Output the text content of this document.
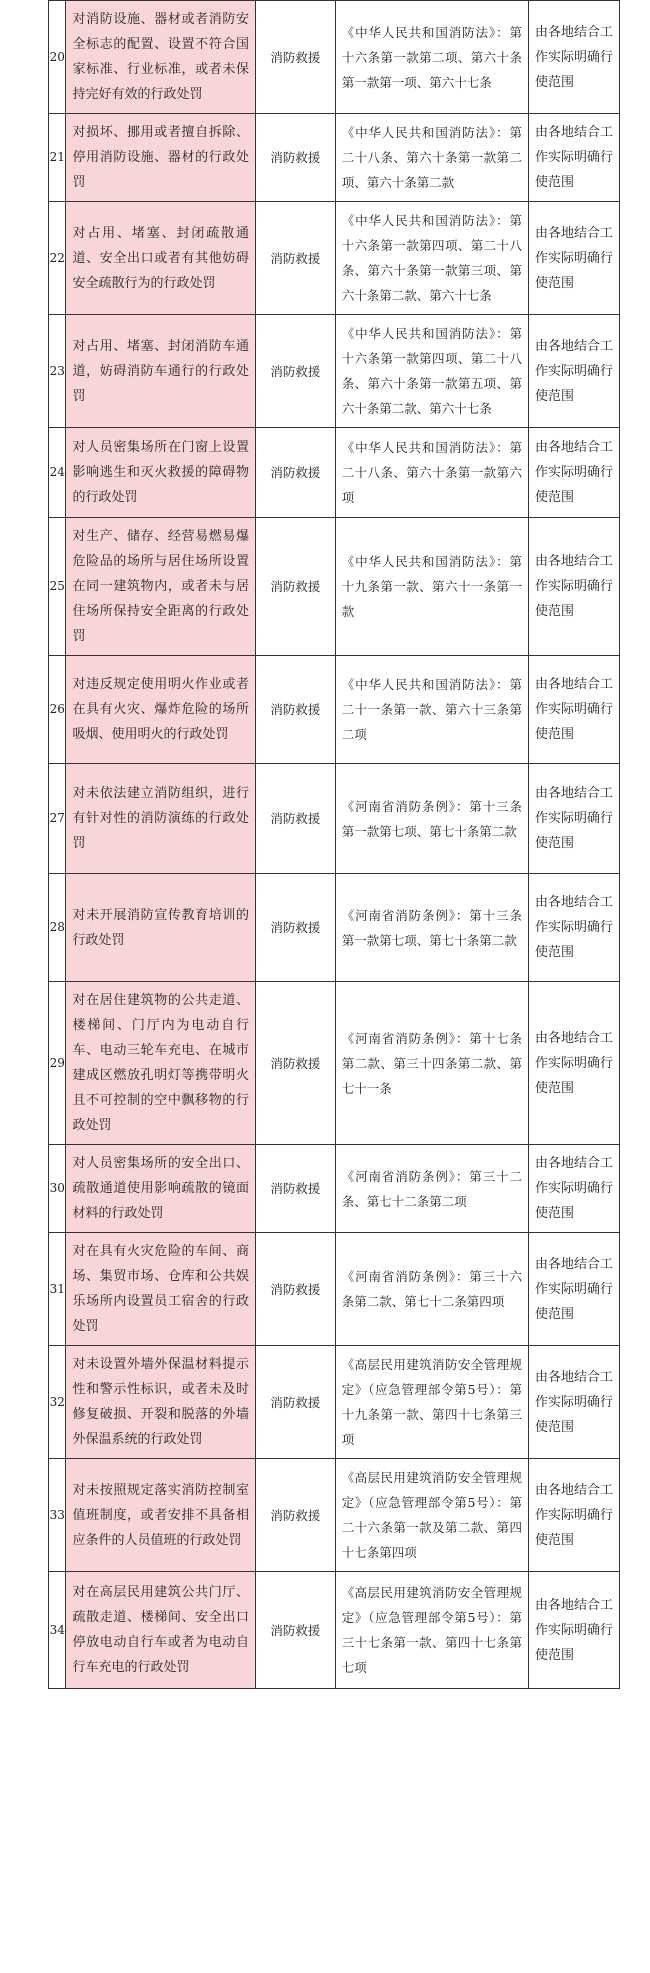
20	对消防设施、器材或者消防安全标志的配置、设置不符合国家标准、行业标准，或者未保持完好有效的行政处罚	消防救援	《中华人民共和国消防法》：第十六条第一款第二项、第六十条第一款第一项、第六十七条	由各地结合工作实际明确行使范围
21	对损坏、挪用或者擅自拆除、停用消防设施、器材的行政处罚	消防救援	《中华人民共和国消防法》：第二十八条、第六十条第一款第二项、第六十条第二款	由各地结合工作实际明确行使范围
22	对占用、堵塞、封闭疏散通道、安全出口或者有其他妨碍安全疏散行为的行政处罚	消防救援	《中华人民共和国消防法》：第十六条第一款第四项、第二十八条、第六十条第一款第三项、第六十条第二款、第六十七条	由各地结合工作实际明确行使范围
23	对占用、堵塞、封闭消防车通道，妨碍消防车通行的行政处罚	消防救援	《中华人民共和国消防法》：第十六条第一款第四项、第二十八条、第六十条第一款第五项、第六十条第二款、第六十七条	由各地结合工作实际明确行使范围
24	对人员密集场所在门窗上设置影响逃生和灭火救援的障碍物的行政处罚	消防救援	《中华人民共和国消防法》：第二十八条、第六十条第一款第六项	由各地结合工作实际明确行使范围
25	对生产、储存、经营易燃易爆危险品的场所与居住场所设置在同一建筑物内，或者未与居住场所保持安全距离的行政处罚	消防救援	《中华人民共和国消防法》：第十九条第一款、第六十一条第一款	由各地结合工作实际明确行使范围
26	对违反规定使用明火作业或者在具有火灾、爆炸危险的场所吸烟、使用明火的行政处罚	消防救援	《中华人民共和国消防法》：第二十一条第一款、第六十三条第二项	由各地结合工作实际明确行使范围
27	对未依法建立消防组织，进行有针对性的消防演练的行政处罚	消防救援	《河南省消防条例》：第十三条第一款第七项、第七十条第二款	由各地结合工作实际明确行使范围
28	对未开展消防宣传教育培训的行政处罚	消防救援	《河南省消防条例》：第十三条第一款第七项、第七十条第二款	由各地结合工作实际明确行使范围
29	对在居住建筑物的公共走道、楼梯间、门厅内为电动自行车、电动三轮车充电、在城市建成区燃放孔明灯等携带明火且不可控制的空中飘移物的行政处罚	消防救援	《河南省消防条例》：第十七条第二款、第三十四条第二款、第七十一条	由各地结合工作实际明确行使范围
30	对人员密集场所的安全出口、疏散通道使用影响疏散的镜面材料的行政处罚	消防救援	《河南省消防条例》：第三十二条、第七十二条第二项	由各地结合工作实际明确行使范围
31	对在具有火灾危险的车间、商场、集贸市场、仓库和公共娱乐场所内设置员工宿舍的行政处罚	消防救援	《河南省消防条例》：第三十六条第二款、第七十二条第四项	由各地结合工作实际明确行使范围
32	对未设置外墙外保温材料提示性和警示性标识，或者未及时修复破损、开裂和脱落的外墙外保温系统的行政处罚	消防救援	《高层民用建筑消防安全管理规定》（应急管理部令第5号）：第十九条第一款、第四十七条第三项	由各地结合工作实际明确行使范围
33	对未按照规定落实消防控制室值班制度，或者安排不具备相应条件的人员值班的行政处罚	消防救援	《高层民用建筑消防安全管理规定》（应急管理部令第5号）：第二十六条第一款及第二款、第四十七条第四项	由各地结合工作实际明确行使范围
34	对在高层民用建筑公共门厅、疏散走道、楼梯间、安全出口停放电动自行车或者为电动自行车充电的行政处罚	消防救援	《高层民用建筑消防安全管理规定》（应急管理部令第5号）：第三十七条第一款、第四十七条第七项	由各地结合工作实际明确行使范围
